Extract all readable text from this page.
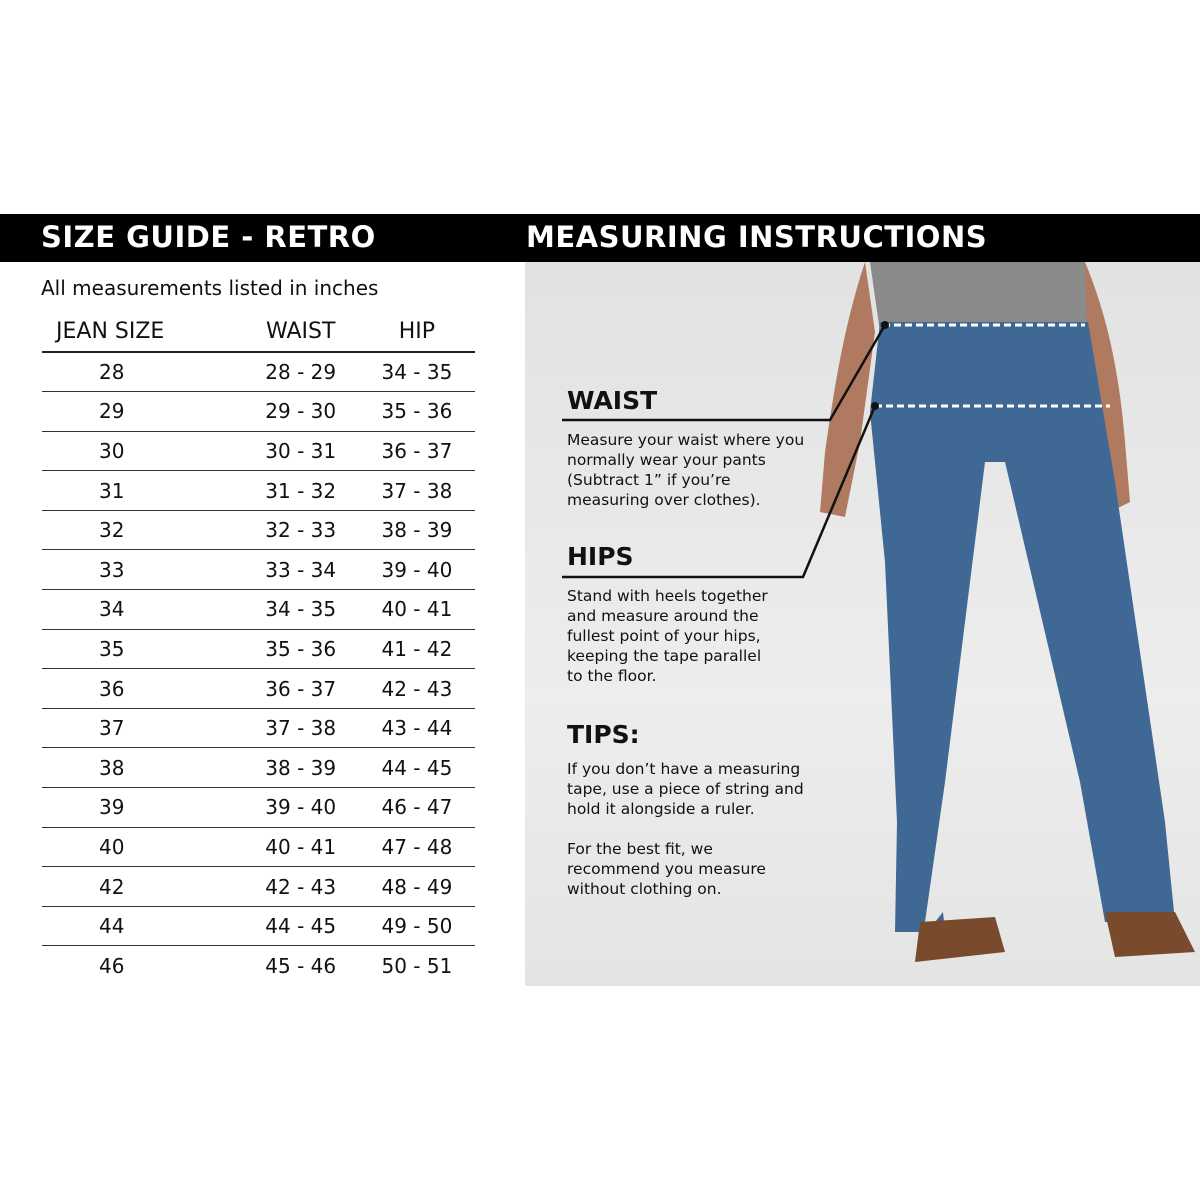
SIZE GUIDE - RETRO	MEASURING INSTRUCTIONS
All measurements listed in inches
JEAN SIZE	WAIST	HIP
28	28 - 29	34 - 35
29	29 - 30	35 - 36
30	30 - 31	36 - 37
31	31 - 32	37 - 38
32	32 - 33	38 - 39
33	33 - 34	39 - 40
34	34 - 35	40 - 41
35	35 - 36	41 - 42
36	36 - 37	42 - 43
37	37 - 38	43 - 44
38	38 - 39	44 - 45
39	39 - 40	46 - 47
40	40 - 41	47 - 48
42	42 - 43	48 - 49
44	44 - 45	49 - 50
46	45 - 46	50 - 51
WAIST
Measure your waist where you normally wear your pants (Subtract 1” if you’re measuring over clothes).
HIPS
Stand with heels together and measure around the fullest point of your hips, keeping the tape parallel to the floor.
TIPS:
If you don’t have a measuring tape, use a piece of string and hold it alongside a ruler.
For the best fit, we recommend you measure without clothing on.
